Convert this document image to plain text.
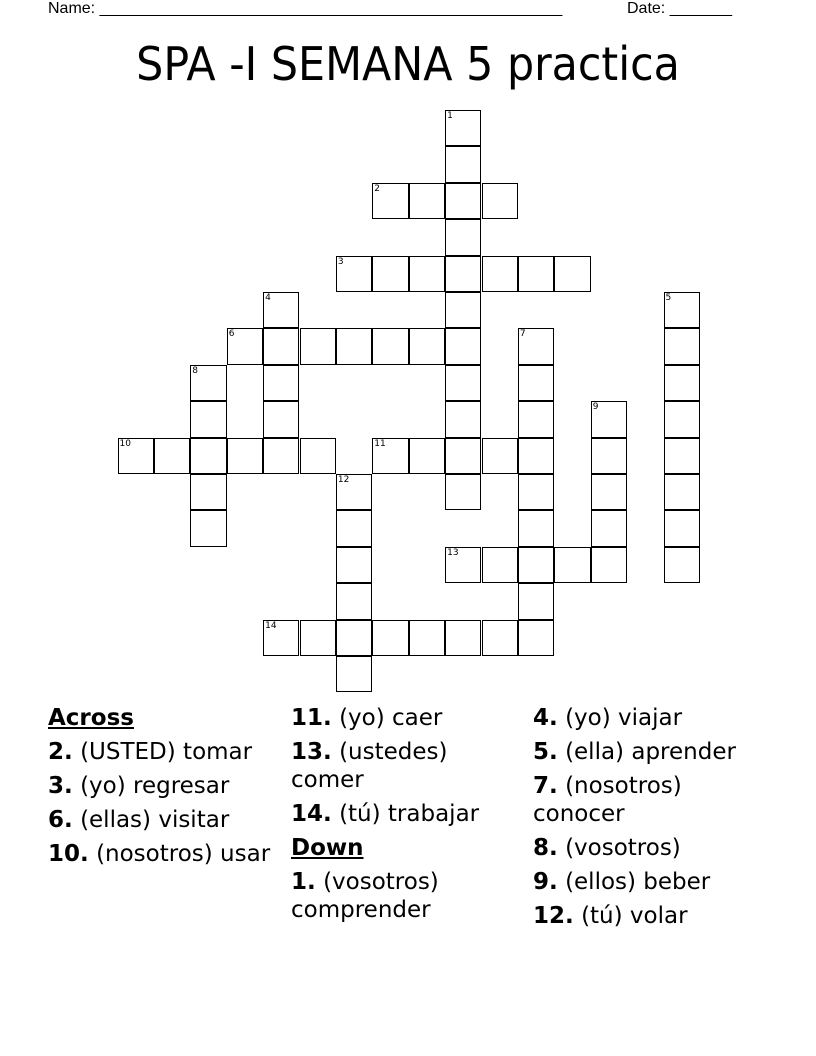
Name: ____________________________________________________	Date: _______
SPA -I SEMANA 5 practica
1
2
3
4	5
6	7
8
9
10	11
12
13
14
Across
2. (USTED) tomar
3. (yo) regresar
6. (ellas) visitar
10. (nosotros) usar
11. (yo) caer
13. (ustedes) comer
14. (tú) trabajar
Down
1. (vosotros) comprender
4. (yo) viajar
5. (ella) aprender
7. (nosotros) conocer
8. (vosotros)
9. (ellos) beber
12. (tú) volar
